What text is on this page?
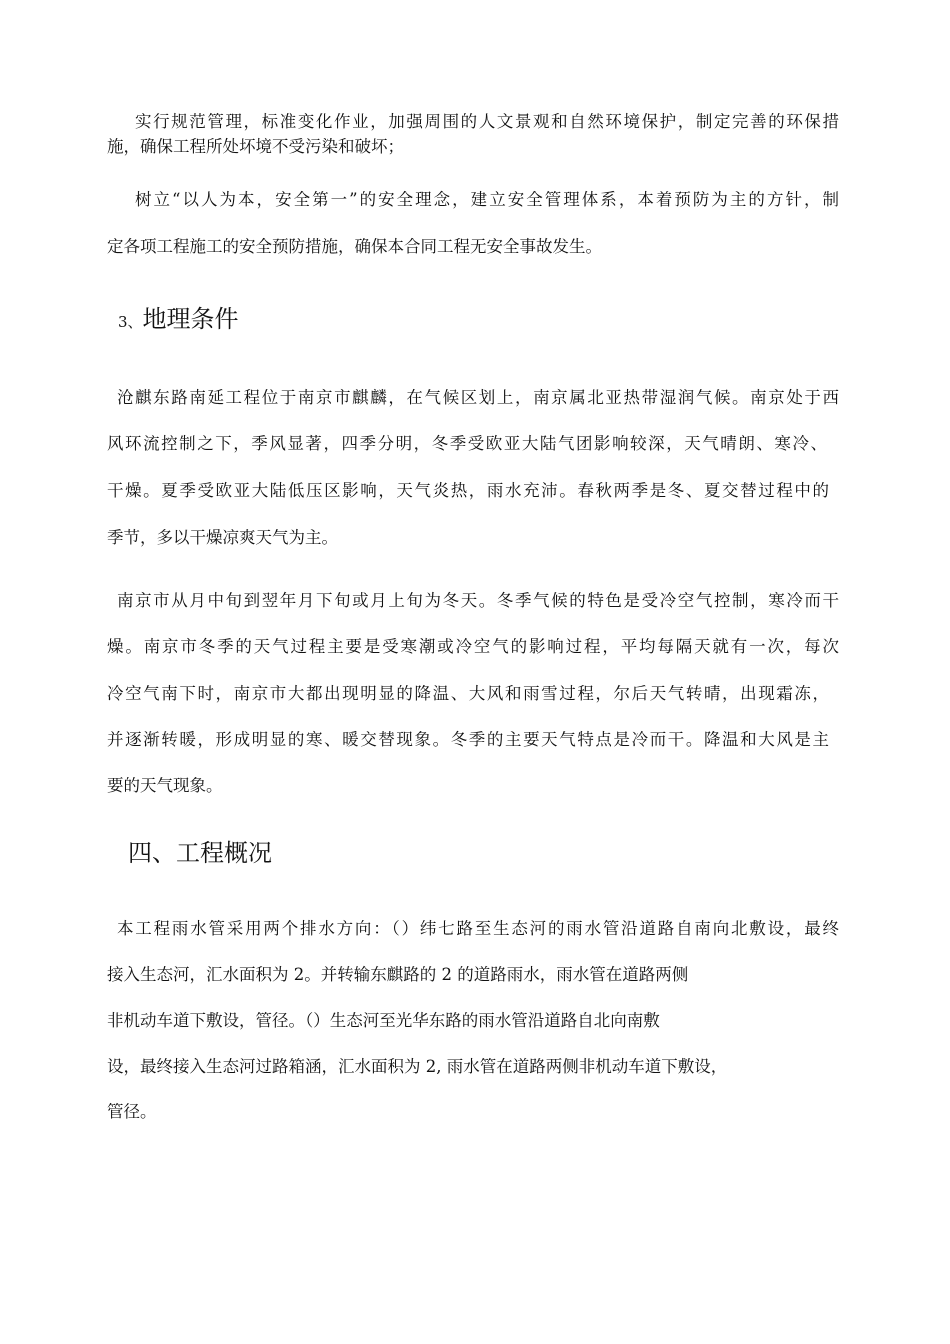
实行规范管理，标准变化作业，加强周围的人文景观和自然环境保护，制定完善的环保措
施，确保工程所处坏境不受污染和破坏；
树立“以人为本，安全第一”的安全理念，建立安全管理体系，本着预防为主的方针，制
定各项工程施工的安全预防措施，确保本合同工程无安全事故发生。
3、地理条件
沧麒东路南延工程位于南京市麒麟，在气候区划上，南京属北亚热带湿润气候。南京处于西
风环流控制之下，季风显著，四季分明，冬季受欧亚大陆气团影响较深，天气晴朗、寒冷、
干燥。夏季受欧亚大陆低压区影响，天气炎热，雨水充沛。春秋两季是冬、夏交替过程中的
季节，多以干燥凉爽天气为主。
南京市从月中旬到翌年月下旬或月上旬为冬天。冬季气候的特色是受冷空气控制，寒冷而干
燥。南京市冬季的天气过程主要是受寒潮或冷空气的影响过程，平均每隔天就有一次，每次
冷空气南下时，南京市大都出现明显的降温、大风和雨雪过程，尔后天气转晴，出现霜冻，
并逐渐转暖，形成明显的寒、暖交替现象。冬季的主要天气特点是冷而干。降温和大风是主
要的天气现象。
四、工程概况
本工程雨水管采用两个排水方向：（）纬七路至生态河的雨水管沿道路自南向北敷设，最终
接入生态河，汇水面积为 2。并转输东麒路的 2 的道路雨水，雨水管在道路两侧
非机动车道下敷设，管径。（）生态河至光华东路的雨水管沿道路自北向南敷
设，最终接入生态河过路箱涵，汇水面积为 2, 雨水管在道路两侧非机动车道下敷设，
管径。
